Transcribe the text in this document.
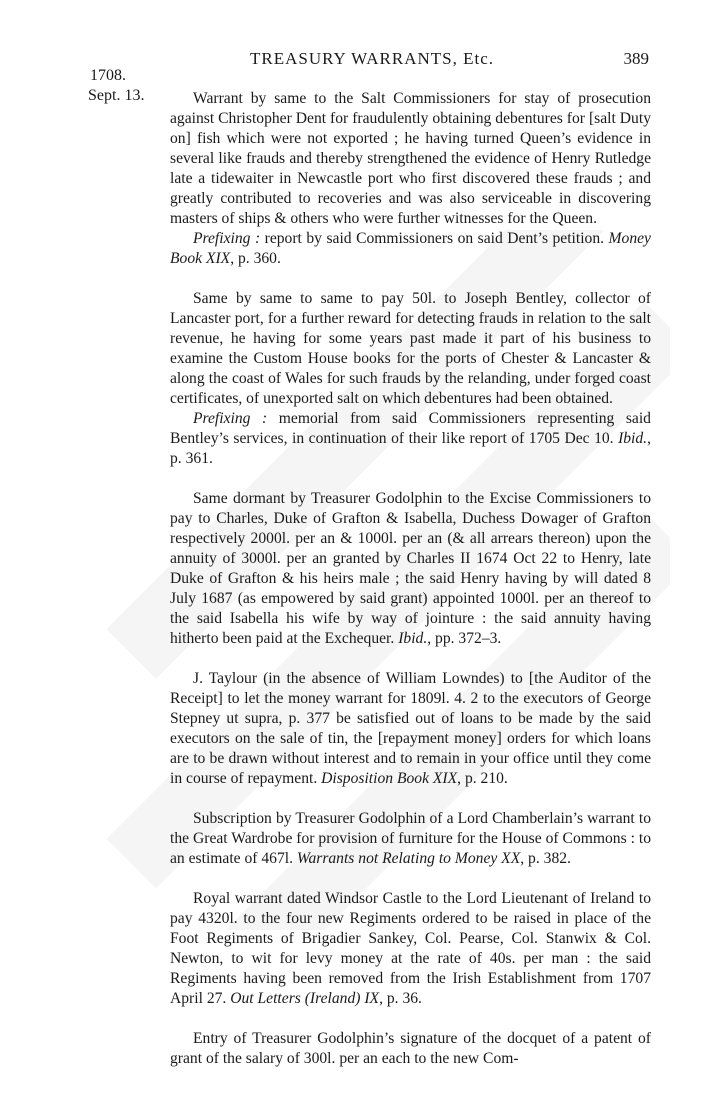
TREASURY WARRANTS, Etc.	389
1708.
Sept. 13.	Warrant by same to the Salt Commissioners for stay of prosecution against Christopher Dent for fraudulently obtaining debentures for [salt Duty on] fish which were not exported ; he having turned Queen’s evidence in several like frauds and thereby strengthened the evidence of Henry Rutledge late a tidewaiter in Newcastle port who first discovered these frauds ; and greatly contributed to recoveries and was also serviceable in discovering masters of ships & others who were further witnesses for the Queen.

Prefixing : report by said Commissioners on said Dent’s petition. Money Book XIX, p. 360.

Same by same to same to pay 50l. to Joseph Bentley, collector of Lancaster port, for a further reward for detecting frauds in relation to the salt revenue, he having for some years past made it part of his business to examine the Custom House books for the ports of Chester & Lancaster & along the coast of Wales for such frauds by the relanding, under forged coast certificates, of unexported salt on which debentures had been obtained.

Prefixing : memorial from said Commissioners representing said Bentley’s services, in continuation of their like report of 1705 Dec 10. Ibid., p. 361.

Same dormant by Treasurer Godolphin to the Excise Commissioners to pay to Charles, Duke of Grafton & Isabella, Duchess Dowager of Grafton respectively 2000l. per an & 1000l. per an (& all arrears thereon) upon the annuity of 3000l. per an granted by Charles II 1674 Oct 22 to Henry, late Duke of Grafton & his heirs male ; the said Henry having by will dated 8 July 1687 (as empowered by said grant) appointed 1000l. per an thereof to the said Isabella his wife by way of jointure : the said annuity having hitherto been paid at the Exchequer. Ibid., pp. 372–3.

J. Taylour (in the absence of William Lowndes) to [the Auditor of the Receipt] to let the money warrant for 1809l. 4. 2 to the executors of George Stepney ut supra, p. 377 be satisfied out of loans to be made by the said executors on the sale of tin, the [repayment money] orders for which loans are to be drawn without interest and to remain in your office until they come in course of repayment. Disposition Book XIX, p. 210.

Subscription by Treasurer Godolphin of a Lord Chamberlain’s warrant to the Great Wardrobe for provision of furniture for the House of Commons : to an estimate of 467l. Warrants not Relating to Money XX, p. 382.

Royal warrant dated Windsor Castle to the Lord Lieutenant of Ireland to pay 4320l. to the four new Regiments ordered to be raised in place of the Foot Regiments of Brigadier Sankey, Col. Pearse, Col. Stanwix & Col. Newton, to wit for levy money at the rate of 40s. per man : the said Regiments having been removed from the Irish Establishment from 1707 April 27. Out Letters (Ireland) IX, p. 36.

Entry of Treasurer Godolphin’s signature of the docquet of a patent of grant of the salary of 300l. per an each to the new Com-
